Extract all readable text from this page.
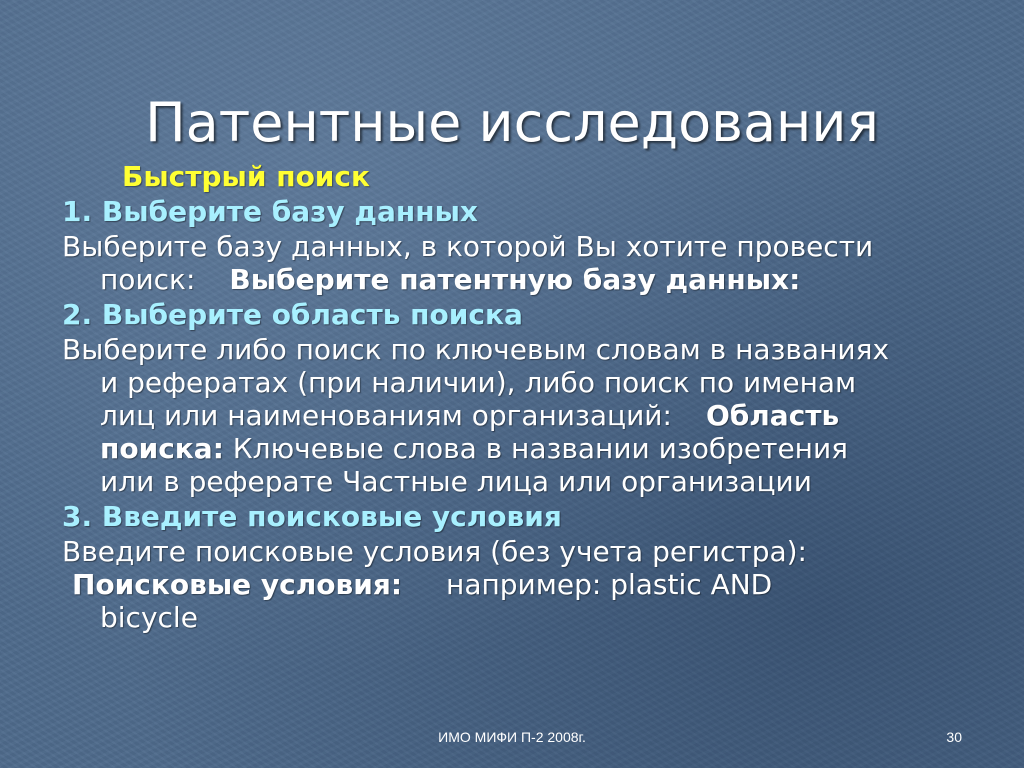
Патентные исследования
Быстрый поиск
1. Выберите базу данных
Выберите базу данных, в которой Вы хотите провести
поиск: Выберите патентную базу данных:
2. Выберите область поиска
Выберите либо поиск по ключевым словам в названиях
и рефератах (при наличии), либо поиск по именам
лиц или наименованиям организаций: Область
поиска: Ключевые слова в названии изобретения
или в реферате Частные лица или организации
3. Введите поисковые условия
Введите поисковые условия (без учета регистра):
Поисковые условия: например: plastic AND
bicycle
ИМО МИФИ П-2 2008г.	30
